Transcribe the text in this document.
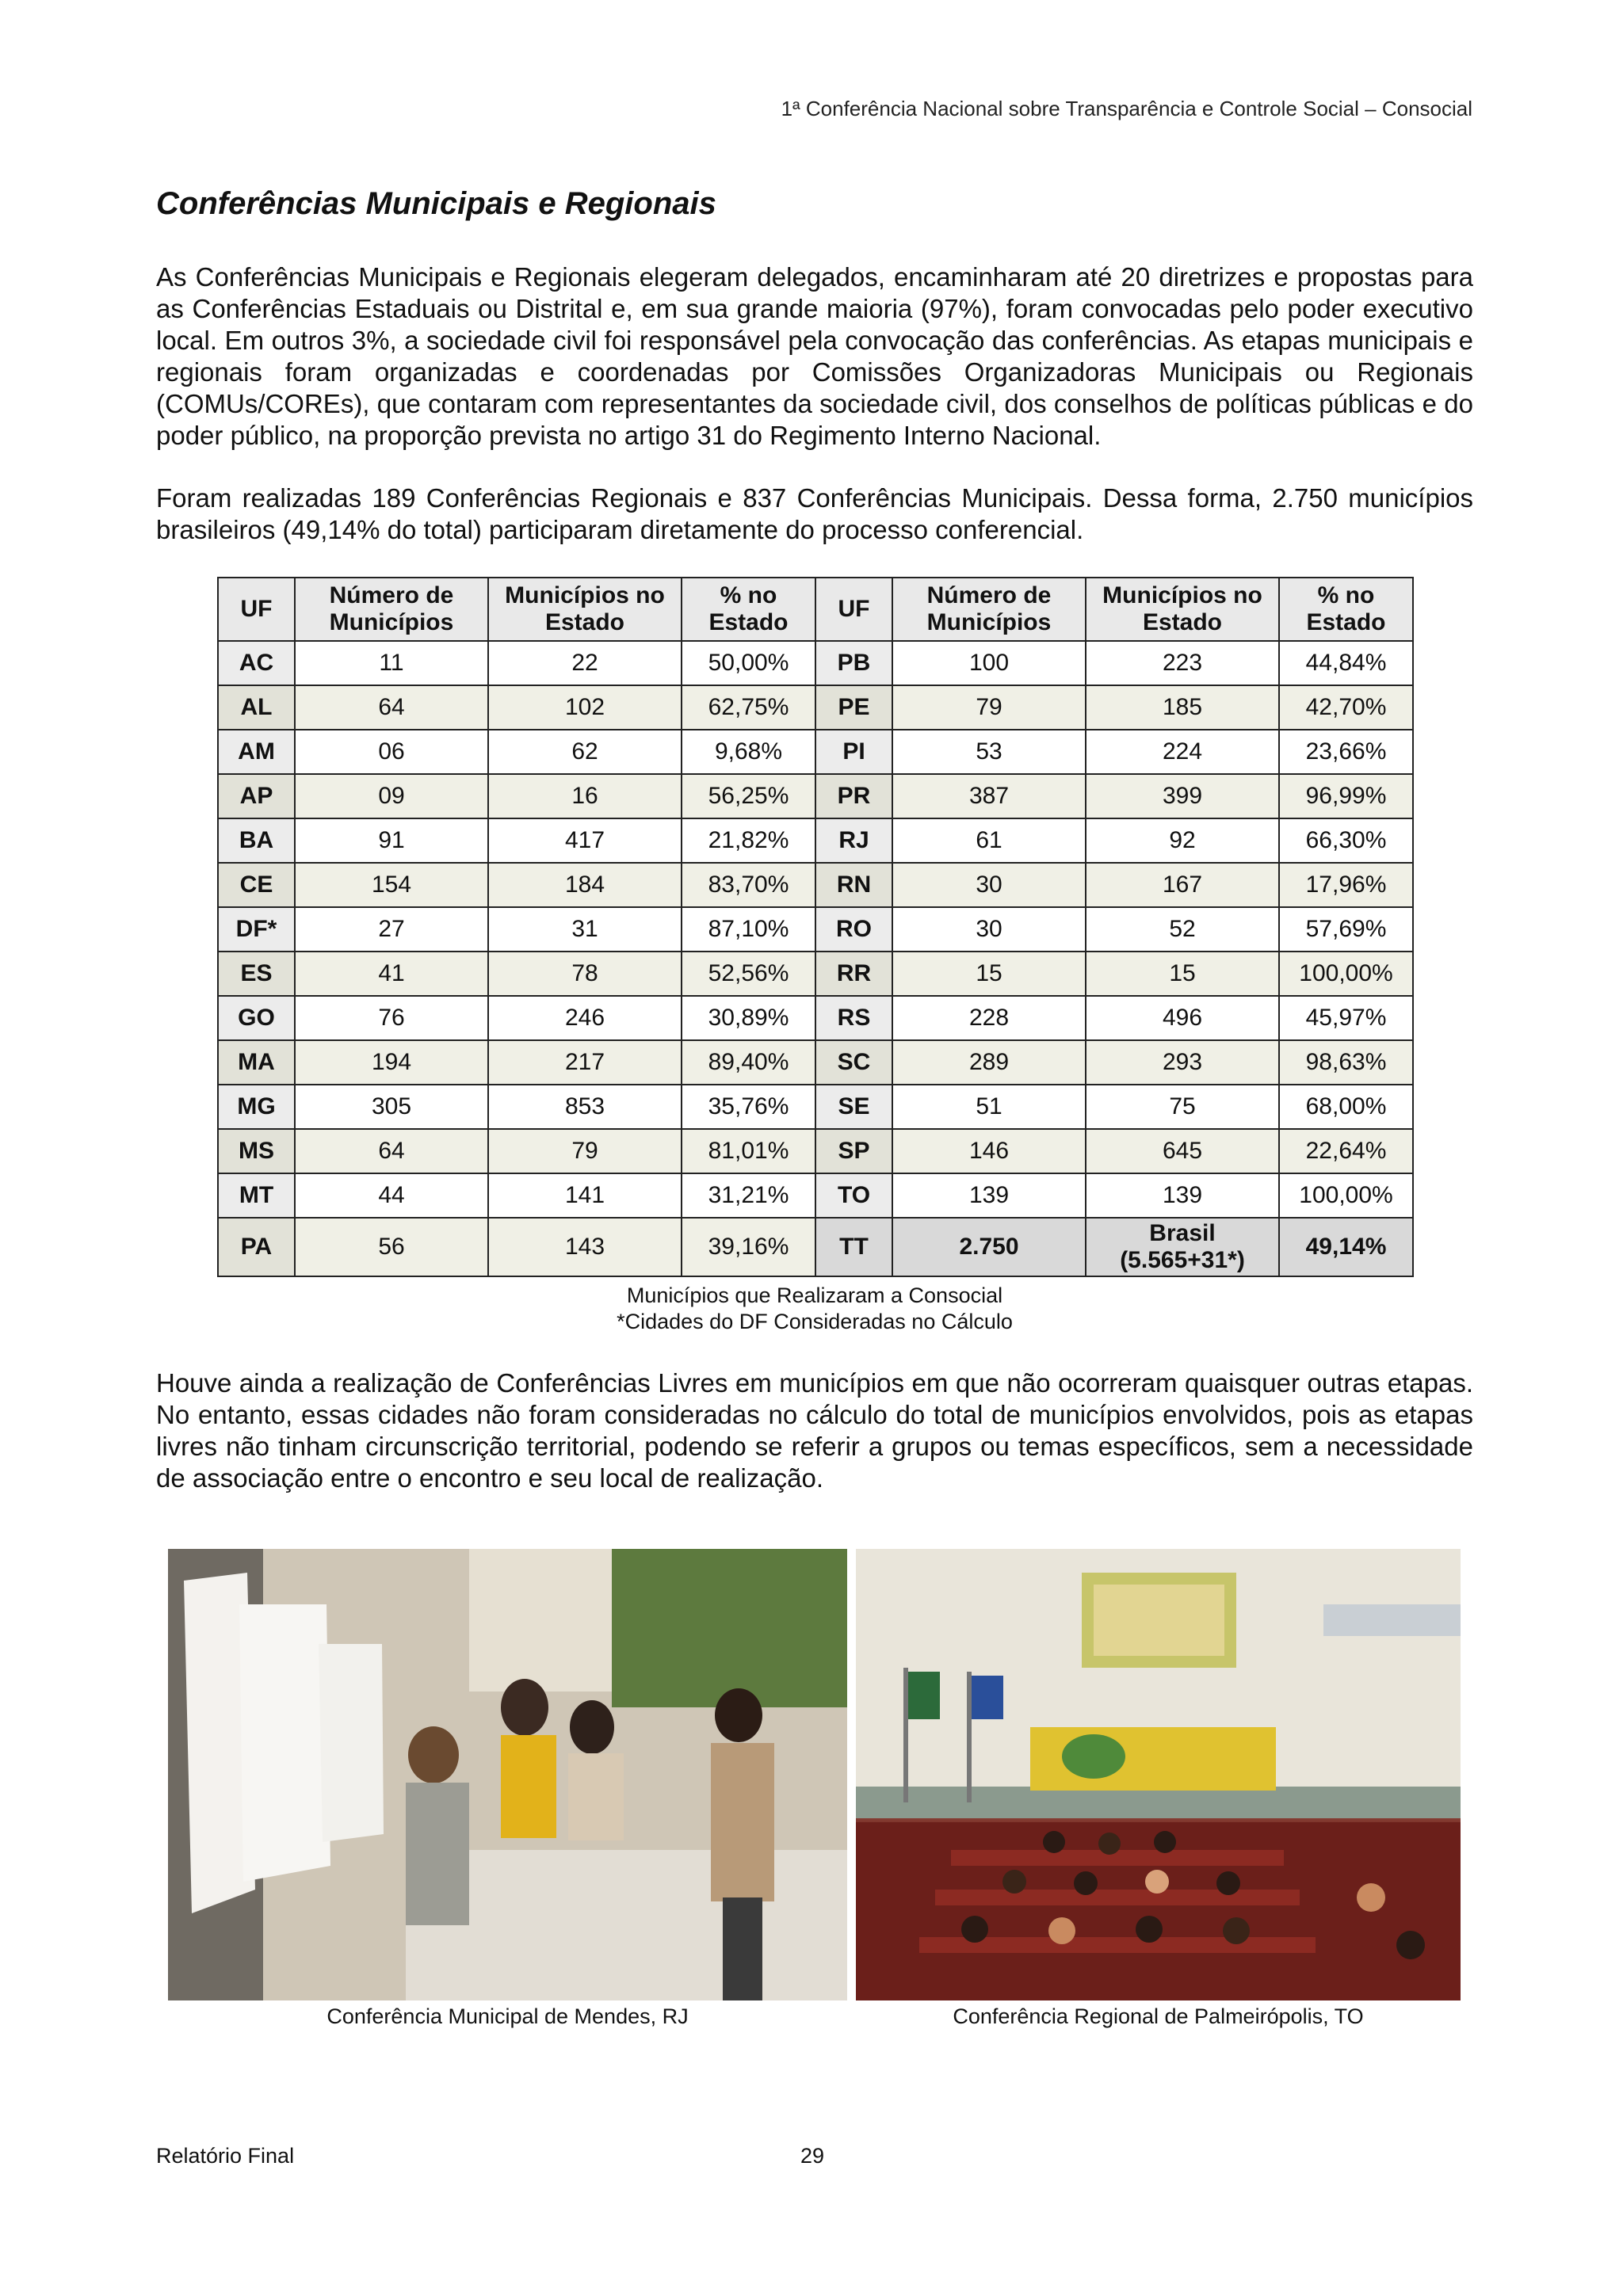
1ª Conferência Nacional sobre Transparência e Controle Social – Consocial
Conferências Municipais e Regionais
As Conferências Municipais e Regionais elegeram delegados, encaminharam até 20 diretrizes e propostas para as Conferências Estaduais ou Distrital e, em sua grande maioria (97%), foram convocadas pelo poder executivo local. Em outros 3%, a sociedade civil foi responsável pela convocação das conferências. As etapas municipais e regionais foram organizadas e coordenadas por Comissões Organizadoras Municipais ou Regionais (COMUs/COREs), que contaram com representantes da sociedade civil, dos conselhos de políticas públicas e do poder público, na proporção prevista no artigo 31 do Regimento Interno Nacional.
Foram realizadas 189 Conferências Regionais e 837 Conferências Municipais. Dessa forma, 2.750 municípios brasileiros (49,14% do total) participaram diretamente do processo conferencial.
UF	Número de Municípios	Municípios no Estado	% no Estado	UF	Número de Municípios	Municípios no Estado	% no Estado
AC	11	22	50,00%	PB	100	223	44,84%
AL	64	102	62,75%	PE	79	185	42,70%
AM	06	62	9,68%	PI	53	224	23,66%
AP	09	16	56,25%	PR	387	399	96,99%
BA	91	417	21,82%	RJ	61	92	66,30%
CE	154	184	83,70%	RN	30	167	17,96%
DF*	27	31	87,10%	RO	30	52	57,69%
ES	41	78	52,56%	RR	15	15	100,00%
GO	76	246	30,89%	RS	228	496	45,97%
MA	194	217	89,40%	SC	289	293	98,63%
MG	305	853	35,76%	SE	51	75	68,00%
MS	64	79	81,01%	SP	146	645	22,64%
MT	44	141	31,21%	TO	139	139	100,00%
PA	56	143	39,16%	TT	2.750	Brasil (5.565+31*)	49,14%
Municípios que Realizaram a Consocial
*Cidades do DF Consideradas no Cálculo
Houve ainda a realização de Conferências Livres em municípios em que não ocorreram quaisquer outras etapas. No entanto, essas cidades não foram consideradas no cálculo do total de municípios envolvidos, pois as etapas livres não tinham circunscrição territorial, podendo se referir a grupos ou temas específicos, sem a necessidade de associação entre o encontro e seu local de realização.
Conferência Municipal de Mendes, RJ	Conferência Regional de Palmeirópolis, TO
Relatório Final	29
